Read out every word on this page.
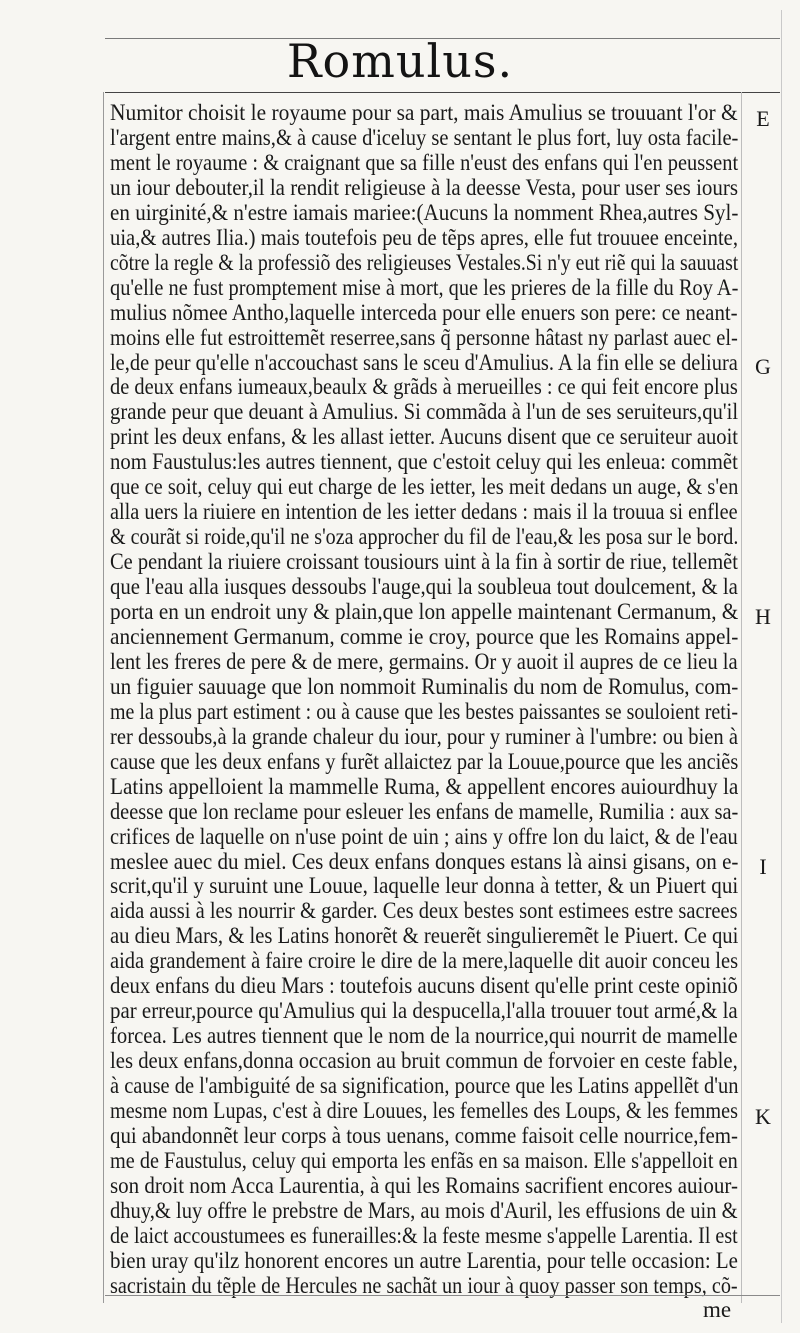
Romulus.
Numitor choisit le royaume pour sa part, mais Amulius se trouuant l'or &
l'argent entre mains,& à cause d'iceluy se sentant le plus fort, luy osta facile-
ment le royaume : & craignant que sa fille n'eust des enfans qui l'en peussent
un iour debouter,il la rendit religieuse à la deesse Vesta, pour user ses iours
en uirginité,& n'estre iamais mariee:(Aucuns la nomment Rhea,autres Syl-
uia,& autres Ilia.) mais toutefois peu de tẽps apres, elle fut trouuee enceinte,
cõtre la regle & la professiõ des religieuses Vestales.Si n'y eut riẽ qui la sauuast
qu'elle ne fust promptement mise à mort, que les prieres de la fille du Roy A-
mulius nõmee Antho,laquelle interceda pour elle enuers son pere: ce neant-
moins elle fut estroittemẽt reserree,sans q̃ personne hâtast ny parlast auec el-
le,de peur qu'elle n'accouchast sans le sceu d'Amulius. A la fin elle se deliura
de deux enfans iumeaux,beaulx & grãds à merueilles : ce qui feit encore plus
grande peur que deuant à Amulius. Si commãda à l'un de ses seruiteurs,qu'il
print les deux enfans, & les allast ietter. Aucuns disent que ce seruiteur auoit
nom Faustulus:les autres tiennent, que c'estoit celuy qui les enleua: commẽt
que ce soit, celuy qui eut charge de les ietter, les meit dedans un auge, & s'en
alla uers la riuiere en intention de les ietter dedans : mais il la trouua si enflee
& courãt si roide,qu'il ne s'oza approcher du fil de l'eau,& les posa sur le bord.
Ce pendant la riuiere croissant tousiours uint à la fin à sortir de riue, tellemẽt
que l'eau alla iusques dessoubs l'auge,qui la soubleua tout doulcement, & la
porta en un endroit uny & plain,que lon appelle maintenant Cermanum, &
anciennement Germanum, comme ie croy, pource que les Romains appel-
lent les freres de pere & de mere, germains. Or y auoit il aupres de ce lieu la
un figuier sauuage que lon nommoit Ruminalis du nom de Romulus, com-
me la plus part estiment : ou à cause que les bestes paissantes se souloient reti-
rer dessoubs,à la grande chaleur du iour, pour y ruminer à l'umbre: ou bien à
cause que les deux enfans y furẽt allaictez par la Louue,pource que les anciẽs
Latins appelloient la mammelle Ruma, & appellent encores auiourdhuy la
deesse que lon reclame pour esleuer les enfans de mamelle, Rumilia : aux sa-
crifices de laquelle on n'use point de uin ; ains y offre lon du laict, & de l'eau
meslee auec du miel. Ces deux enfans donques estans là ainsi gisans, on e-
scrit,qu'il y suruint une Louue, laquelle leur donna à tetter, & un Piuert qui
aida aussi à les nourrir & garder. Ces deux bestes sont estimees estre sacrees
au dieu Mars, & les Latins honorẽt & reuerẽt singulieremẽt le Piuert. Ce qui
aida grandement à faire croire le dire de la mere,laquelle dit auoir conceu les
deux enfans du dieu Mars : toutefois aucuns disent qu'elle print ceste opiniõ
par erreur,pource qu'Amulius qui la despucella,l'alla trouuer tout armé,& la
forcea. Les autres tiennent que le nom de la nourrice,qui nourrit de mamelle
les deux enfans,donna occasion au bruit commun de forvoier en ceste fable,
à cause de l'ambiguité de sa signification, pource que les Latins appellẽt d'un
mesme nom Lupas, c'est à dire Louues, les femelles des Loups, & les femmes
qui abandonnẽt leur corps à tous uenans, comme faisoit celle nourrice,fem-
me de Faustulus, celuy qui emporta les enfãs en sa maison. Elle s'appelloit en
son droit nom Acca Laurentia, à qui les Romains sacrifient encores auiour-
dhuy,& luy offre le prebstre de Mars, au mois d'Auril, les effusions de uin &
de laict accoustumees es funerailles:& la feste mesme s'appelle Larentia. Il est
bien uray qu'ilz honorent encores un autre Larentia, pour telle occasion: Le
sacristain du tẽple de Hercules ne sachãt un iour à quoy passer son temps, cõ-
E
G
H
I
K
me
